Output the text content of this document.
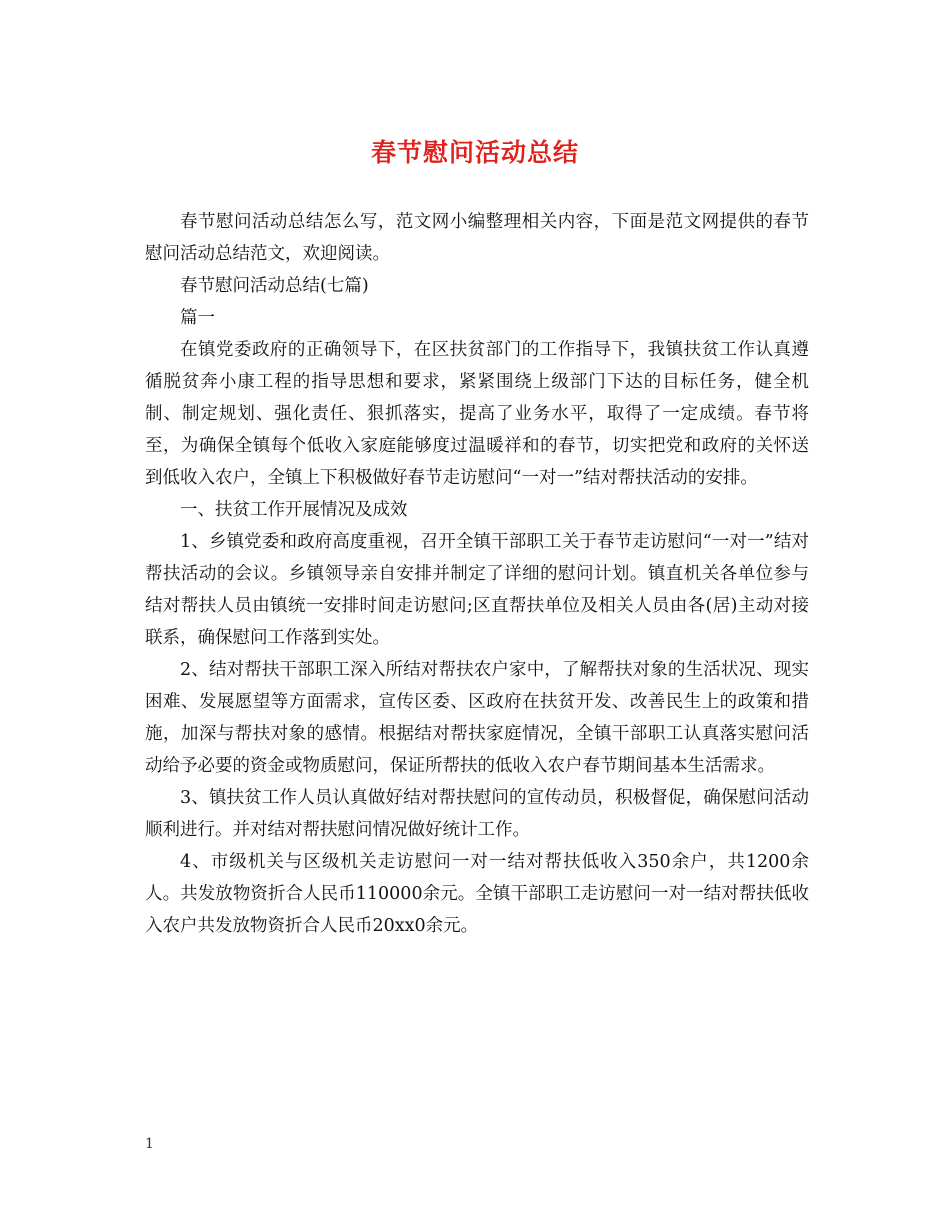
春节慰问活动总结

春节慰问活动总结怎么写，范文网小编整理相关内容，下面是范文网提供的春节慰问活动总结范文，欢迎阅读。

春节慰问活动总结(七篇)

篇一

在镇党委政府的正确领导下，在区扶贫部门的工作指导下，我镇扶贫工作认真遵循脱贫奔小康工程的指导思想和要求，紧紧围绕上级部门下达的目标任务，健全机制、制定规划、强化责任、狠抓落实，提高了业务水平，取得了一定成绩。春节将至，为确保全镇每个低收入家庭能够度过温暖祥和的春节，切实把党和政府的关怀送到低收入农户，全镇上下积极做好春节走访慰问“一对一”结对帮扶活动的安排。

一、扶贫工作开展情况及成效

1、乡镇党委和政府高度重视，召开全镇干部职工关于春节走访慰问“一对一”结对帮扶活动的会议。乡镇领导亲自安排并制定了详细的慰问计划。镇直机关各单位参与结对帮扶人员由镇统一安排时间走访慰问;区直帮扶单位及相关人员由各(居)主动对接联系，确保慰问工作落到实处。

2、结对帮扶干部职工深入所结对帮扶农户家中，了解帮扶对象的生活状况、现实困难、发展愿望等方面需求，宣传区委、区政府在扶贫开发、改善民生上的政策和措施，加深与帮扶对象的感情。根据结对帮扶家庭情况，全镇干部职工认真落实慰问活动给予必要的资金或物质慰问，保证所帮扶的低收入农户春节期间基本生活需求。

3、镇扶贫工作人员认真做好结对帮扶慰问的宣传动员，积极督促，确保慰问活动顺利进行。并对结对帮扶慰问情况做好统计工作。

4、市级机关与区级机关走访慰问一对一结对帮扶低收入350余户，共1200余人。共发放物资折合人民币110000余元。全镇干部职工走访慰问一对一结对帮扶低收入农户共发放物资折合人民币20xx0余元。

1
